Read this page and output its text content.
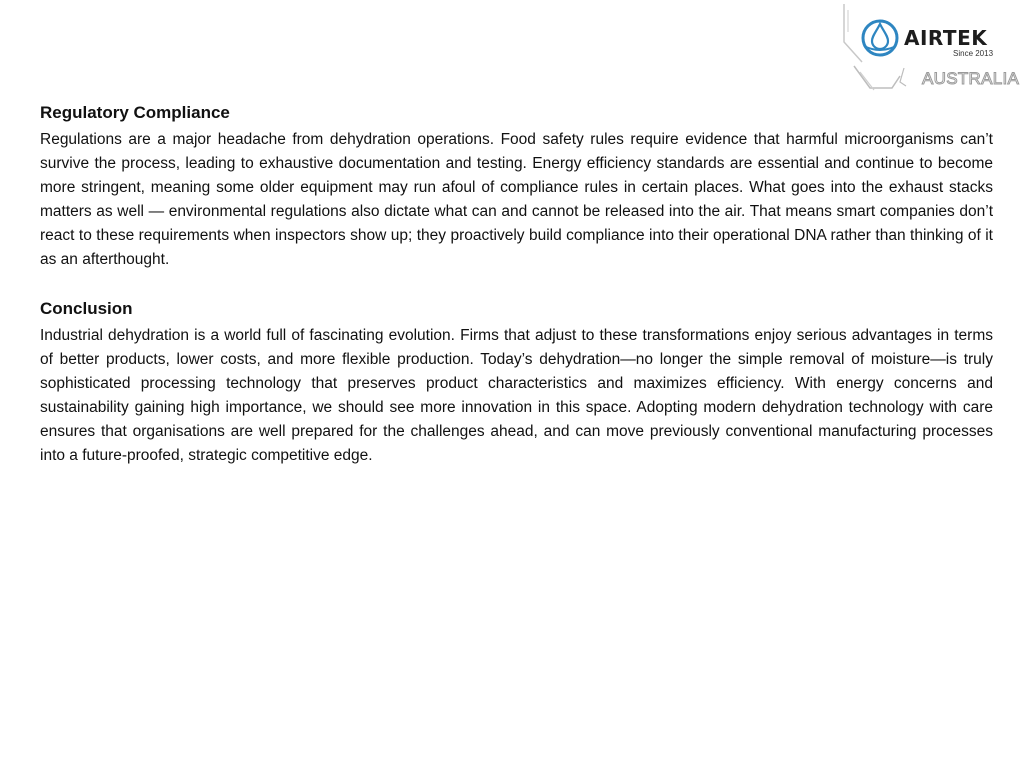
AIRTEK
Since 2013
AUSTRALIA
Regulatory Compliance

Regulations are a major headache from dehydration operations. Food safety rules require evidence that harmful microorganisms can’t survive the process, leading to exhaustive documentation and testing. Energy efficiency standards are essential and continue to become more stringent, meaning some older equipment may run afoul of compliance rules in certain places. What goes into the exhaust stacks matters as well — environmental regulations also dictate what can and cannot be released into the air. That means smart companies don’t react to these requirements when inspectors show up; they proactively build compliance into their operational DNA rather than thinking of it as an afterthought.

Conclusion

Industrial dehydration is a world full of fascinating evolution. Firms that adjust to these transformations enjoy serious advantages in terms of better products, lower costs, and more flexible production. Today’s dehydration—no longer the simple removal of moisture—is truly sophisticated processing technology that preserves product characteristics and maximizes efficiency. With energy concerns and sustainability gaining high importance, we should see more innovation in this space. Adopting modern dehydration technology with care ensures that organisations are well prepared for the challenges ahead, and can move previously conventional manufacturing processes into a future-proofed, strategic competitive edge.
